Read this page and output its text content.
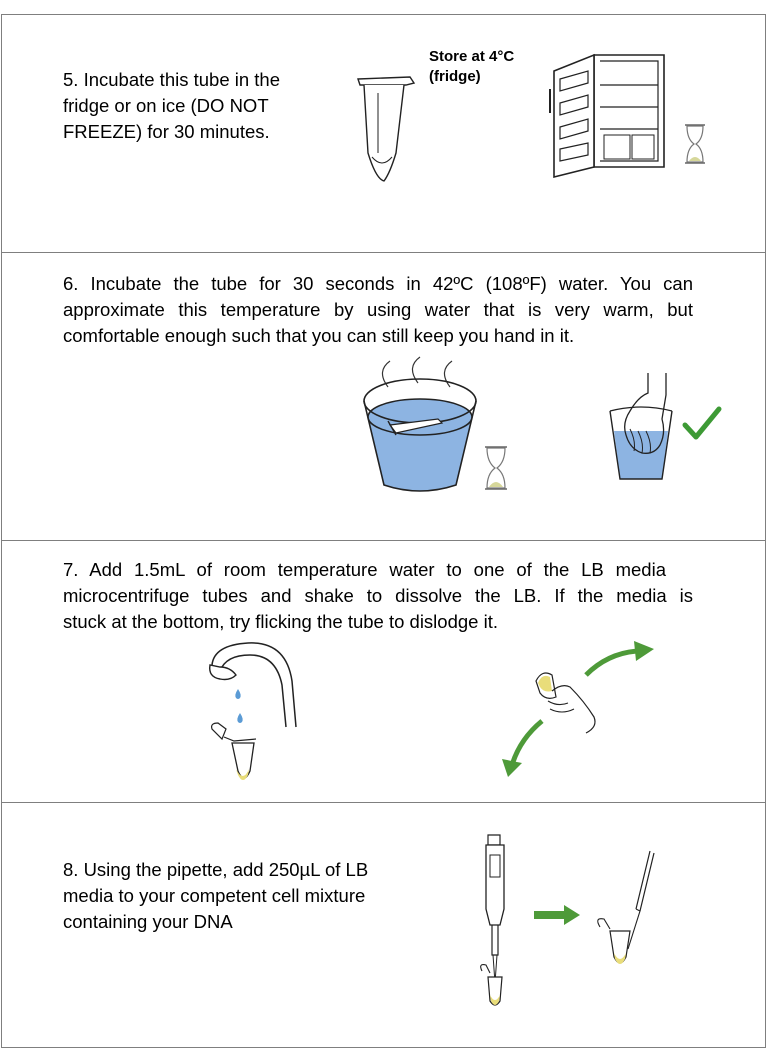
5. Incubate this tube in the
fridge or on ice (DO NOT
FREEZE) for 30 minutes.

Store at 4°C
(fridge)

6. Incubate the tube for 30 seconds in 42ºC (108ºF) water. You can

approximate this temperature by using water that is very warm, but

comfortable enough such that you can still keep you hand in it.

7. Add 1.5mL of room temperature water to one of the LB media

microcentrifuge tubes and shake to dissolve the LB. If the media is

stuck at the bottom, try flicking the tube to dislodge it.

8. Using the pipette, add 250µL of LB
media to your competent cell mixture
containing your DNA
